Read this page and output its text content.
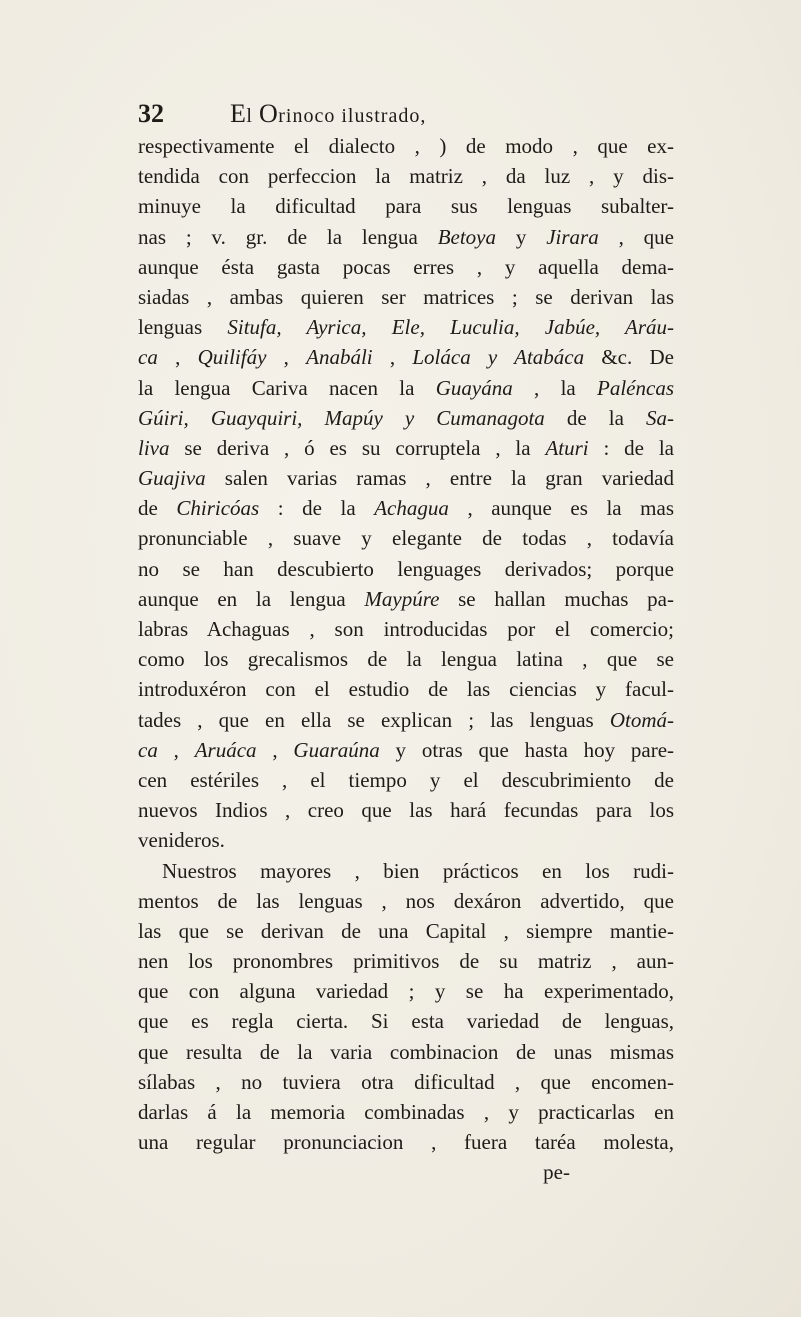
32	El Orinoco ilustrado,
respectivamente el dialecto , ) de modo , que ex-
tendida con perfeccion la matriz , da luz , y dis-
minuye la dificultad para sus lenguas subalter-
nas ; v. gr. de la lengua Betoya y Jirara , que
aunque ésta gasta pocas erres , y aquella dema-
siadas , ambas quieren ser matrices ; se derivan las
lenguas Situfa, Ayrica, Ele, Luculia, Jabúe, Aráu-
ca , Quilifáy , Anabáli , Loláca y Atabáca &c. De
la lengua Cariva nacen la Guayána , la Paléncas
Gúiri, Guayquiri, Mapúy y Cumanagota de la Sa-
liva se deriva , ó es su corruptela , la Aturi : de la
Guajiva salen varias ramas , entre la gran variedad
de Chiricóas : de la Achagua , aunque es la mas
pronunciable , suave y elegante de todas , todavía
no se han descubierto lenguages derivados; porque
aunque en la lengua Maypúre se hallan muchas pa-
labras Achaguas , son introducidas por el comercio;
como los grecalismos de la lengua latina , que se
introduxéron con el estudio de las ciencias y facul-
tades , que en ella se explican ; las lenguas Otomá-
ca , Aruáca , Guaraúna y otras que hasta hoy pare-
cen estériles , el tiempo y el descubrimiento de
nuevos Indios , creo que las hará fecundas para los
venideros.
Nuestros mayores , bien prácticos en los rudi-
mentos de las lenguas , nos dexáron advertido, que
las que se derivan de una Capital , siempre mantie-
nen los pronombres primitivos de su matriz , aun-
que con alguna variedad ; y se ha experimentado,
que es regla cierta. Si esta variedad de lenguas,
que resulta de la varia combinacion de unas mismas
sílabas , no tuviera otra dificultad , que encomen-
darlas á la memoria combinadas , y practicarlas en
una regular pronunciacion , fuera taréa molesta,
pe-
